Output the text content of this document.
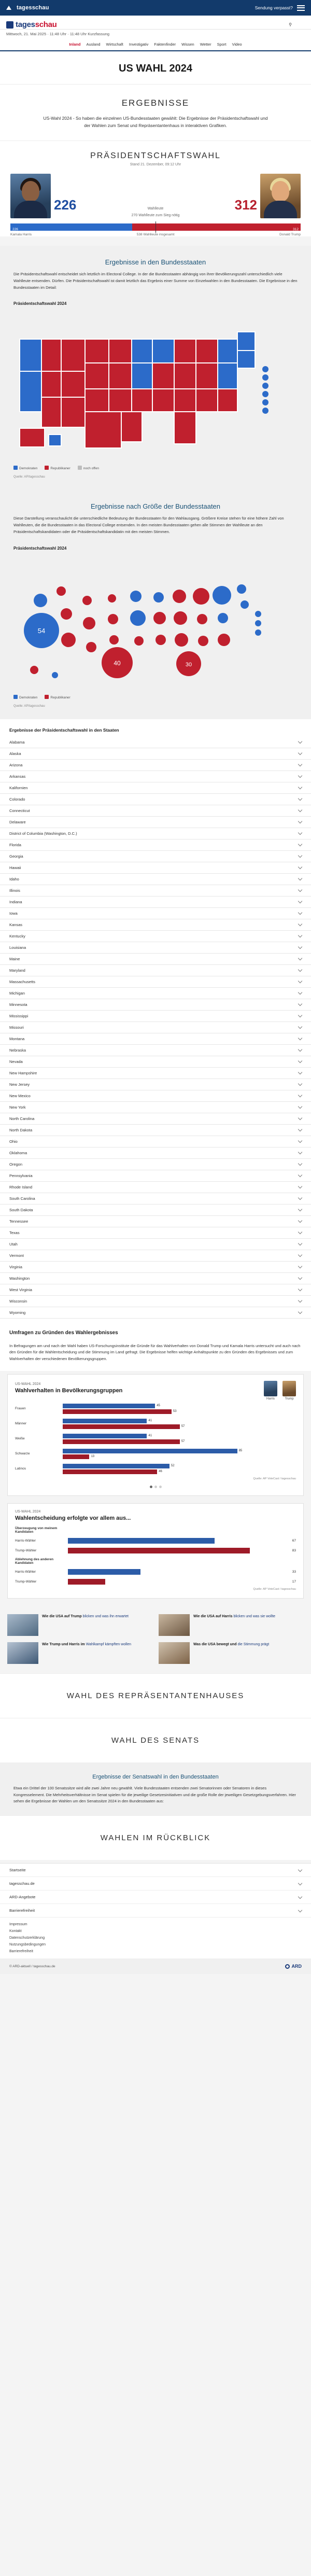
tagesschau	Sendung verpasst?
tagesschau	⚲
Mittwoch, 21. Mai 2025 · 11:48 Uhr · 11:48 Uhr Kurzfassung
Inland Ausland Wirtschaft Investigativ Faktenfinder Wissen Wetter Sport Video
US WAHL 2024
ERGEBNISSE
US-Wahl 2024 - So haben die einzelnen US-Bundesstaaten gewählt: Die Ergebnisse der Präsidentschaftswahl und der Wahlen zum Senat und Repräsentantenhaus in interaktiven Grafiken.
PRÄSIDENTSCHAFTSWAHL
Stand 21. Dezember, 09:12 Uhr
226	Wahlleute
270 Wahlleute zum Sieg nötig
312
226	312
Kamala Harris	538 Wahlleute insgesamt	Donald Trump
Ergebnisse in den Bundesstaaten
Die Präsidentschaftswahl entscheidet sich letztlich im Electoral College. In der die Bundesstaaten abhängig von ihrer Bevölkerungszahl unterschiedlich viele Wahlleute entsenden. Dürfen. Die Präsidentschaftswahl ist damit letztlich das Ergebnis einer Summe von Einzelwahlen in den Bundesstaaten. Die Ergebnisse in den Bundesstaaten im Detail:
Präsidentschaftswahl 2024
Demokraten	Republikaner	noch offen
Quelle: AP/tagesschau
Ergebnisse nach Größe der Bundesstaaten
Diese Darstellung veranschaulicht die unterschiedliche Bedeutung der Bundesstaaten für den Wahlausgang. Größere Kreise stehen für eine höhere Zahl von Wahlleuten, die die Bundesstaaten in das Electoral College entsenden. In den meisten Bundesstaaten gehen alle Stimmen der Wahlleute an den Präsidentschaftskandidaten oder die Präsidentschaftskandidatin mit den meisten Stimmen.
Präsidentschaftswahl 2024
54
40	30
Demokraten	Republikaner
Quelle: AP/tagesschau
Ergebnisse der Präsidentschaftswahl in den Staaten
Alabama
Alaska
Arizona
Arkansas
Kalifornien
Colorado
Connecticut
Delaware
District of Columbia (Washington, D.C.)
Florida
Georgia
Hawaii
Idaho
Illinois
Indiana
Iowa
Kansas
Kentucky
Louisiana
Maine
Maryland
Massachusetts
Michigan
Minnesota
Mississippi
Missouri
Montana
Nebraska
Nevada
New Hampshire
New Jersey
New Mexico
New York
North Carolina
North Dakota
Ohio
Oklahoma
Oregon
Pennsylvania
Rhode Island
South Carolina
South Dakota
Tennessee
Texas
Utah
Vermont
Virginia
Washington
West Virginia
Wisconsin
Wyoming
Umfragen zu Gründen des Wahlergebnisses
In Befragungen am und nach der Wahl haben US-Forschungsinstitute die Gründe für das Wahlverhalten von Donald Trump und Kamala Harris untersucht und auch nach den Gründen für die Wahlentscheidung und die Stimmung im Land gefragt. Die Ergebnisse helfen wichtige Anhaltspunkte zu den Gründen des Ergebnisses und zum Wahlverhalten der verschiedenen Bevölkerungsgruppen.
US-WAHL 2024
Wahlverhalten in Bevölkerungsgruppen
Harris	Trump
Frauen
45
53
Männer
41
57
Weiße
41
57
Schwarze
85
13
Latinos
52
46
Quelle: AP VoteCast / tagesschau
US-WAHL 2024
Wahlentscheidung erfolgte vor allem aus...
Überzeugung von meinem Kandidaten
Harris-Wähler	67
Trump-Wähler	83
Ablehnung des anderen Kandidaten
Harris-Wähler	33
Trump-Wähler	17
Quelle: AP VoteCast / tagesschau
Wie die USA auf Trump blicken und was ihn erwartet	Wie die USA auf Harris blicken und was sie wollte
Wie Trump und Harris im Wahlkampf kämpften wollen	Was die USA bewegt und die Stimmung prägt
WAHL DES REPRÄSENTANTENHAUSES
WAHL DES SENATS
Ergebnisse der Senatswahl in den Bundesstaaten
Etwa ein Drittel der 100 Senatssitze wird alle zwei Jahre neu gewählt. Viele Bundesstaaten entsenden zwei Senatorinnen oder Senatoren in dieses Kongresselement. Die Mehrheitsverhältnisse im Senat spielen für die jeweilige Gesetzesinitiativen und die große Rolle der jeweiligen Gesetzgebungsverfahren. Hier sehen die Ergebnisse der Wahlen um den Senatssitze 2024 in den Bundesstaaten aus:
WAHLEN IM RÜCKBLICK
Startseite
tagesschau.de
ARD-Angebote
Barrierefreiheit
Impressum
Kontakt
Datenschutzerklärung
Nutzungsbedingungen
Barrierefreiheit
© ARD-aktuell / tagesschau.de	ARD
